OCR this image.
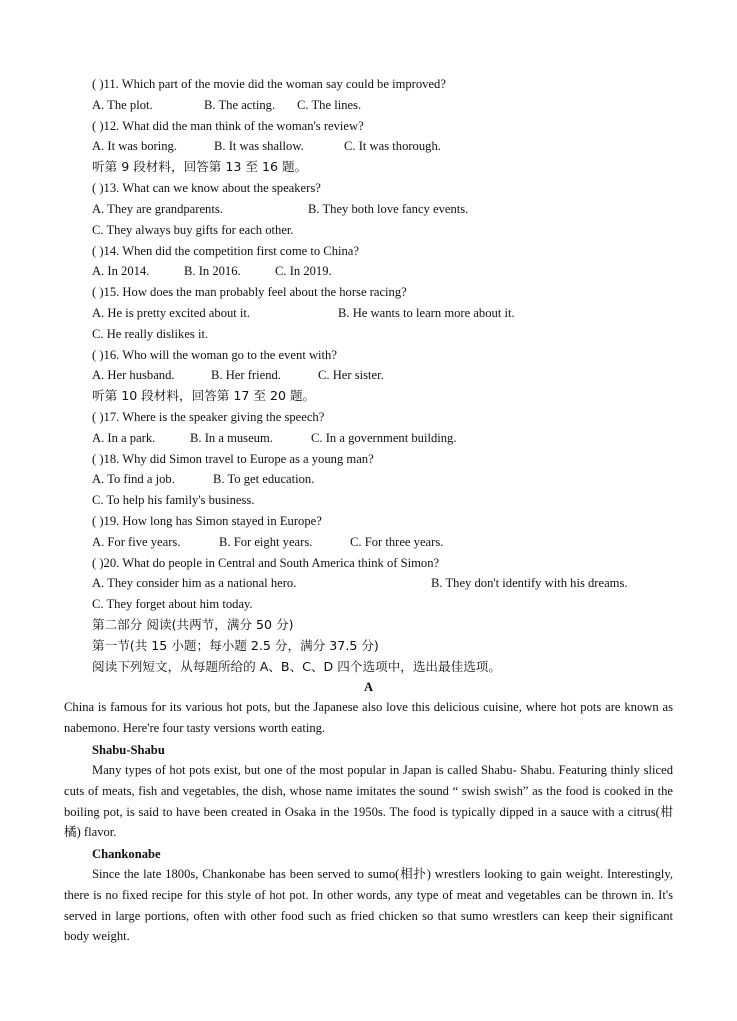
( )11. Which part of the movie did the woman say could be improved?
A. The plot.	B. The acting. C. The lines.
( )12. What did the man think of the woman's review?
A. It was boring.	B. It was shallow.	C. It was thorough.
听第 9 段材料，回答第 13 至 16 题。
( )13. What can we know about the speakers?
A. They are grandparents.	B. They both love fancy events.
C. They always buy gifts for each other.
( )14. When did the competition first come to China?
A. In 2014.	B. In 2016.	C. In 2019.
( )15. How does the man probably feel about the horse racing?
A. He is pretty excited about it.	B. He wants to learn more about it.
C. He really dislikes it.
( )16. Who will the woman go to the event with?
A. Her husband.	B. Her friend.	C. Her sister.
听第 10 段材料，回答第 17 至 20 题。
( )17. Where is the speaker giving the speech?
A. In a park.	B. In a museum.	C. In a government building.
( )18. Why did Simon travel to Europe as a young man?
A. To find a job.	B. To get education.
C. To help his family's business.
( )19. How long has Simon stayed in Europe?
A. For five years.	B. For eight years.	C. For three years.
( )20. What do people in Central and South America think of Simon?
A. They consider him as a national hero.	B. They don't identify with his dreams.
C. They forget about him today.
第二部分 阅读(共两节，满分 50 分)
第一节(共 15 小题；每小题 2.5 分，满分 37.5 分)
阅读下列短文，从每题所给的 A、B、C、D 四个选项中，选出最佳选项。
A
China is famous for its various hot pots, but the Japanese also love this delicious cuisine, where hot pots are known as nabemono. Here're four tasty versions worth eating.
Shabu-Shabu
Many types of hot pots exist, but one of the most popular in Japan is called Shabu- Shabu. Featuring thinly sliced cuts of meats, fish and vegetables, the dish, whose name imitates the sound “ swish swish” as the food is cooked in the boiling pot, is said to have been created in Osaka in the 1950s. The food is typically dipped in a sauce with a citrus(柑橘) flavor.
Chankonabe
Since the late 1800s, Chankonabe has been served to sumo(相扑) wrestlers looking to gain weight. Interestingly, there is no fixed recipe for this style of hot pot. In other words, any type of meat and vegetables can be thrown in. It's served in large portions, often with other food such as fried chicken so that sumo wrestlers can keep their significant body weight.
